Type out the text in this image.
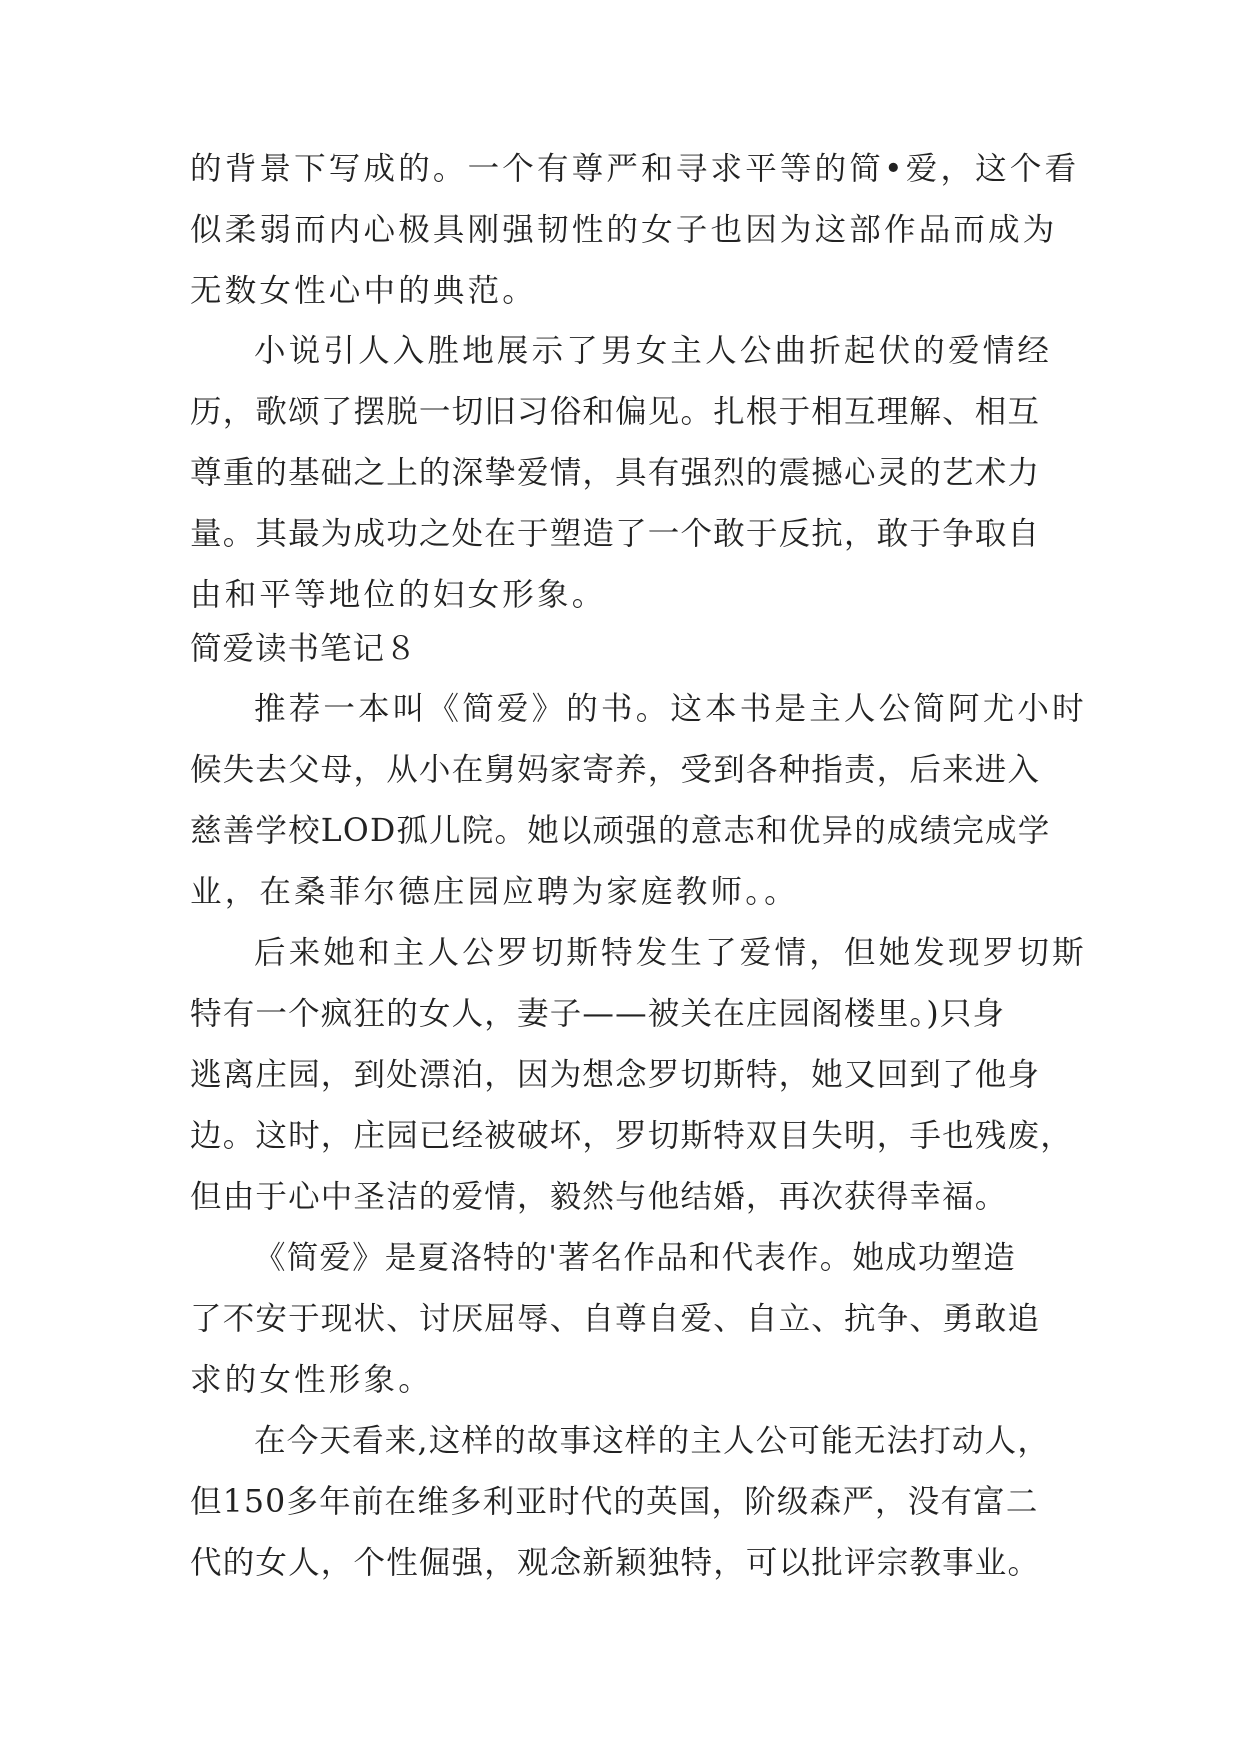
的背景下写成的。一个有尊严和寻求平等的简•爱，这个看

似柔弱而内心极具刚强韧性的女子也因为这部作品而成为

无数女性心中的典范。

小说引人入胜地展示了男女主人公曲折起伏的爱情经

历，歌颂了摆脱一切旧习俗和偏见。扎根于相互理解、相互

尊重的基础之上的深挚爱情，具有强烈的震撼心灵的艺术力

量。其最为成功之处在于塑造了一个敢于反抗，敢于争取自

由和平等地位的妇女形象。

简爱读书笔记８

推荐一本叫《简爱》的书。这本书是主人公简阿尤小时

候失去父母，从小在舅妈家寄养，受到各种指责，后来进入

慈善学校LOD孤儿院。她以顽强的意志和优异的成绩完成学

业，在桑菲尔德庄园应聘为家庭教师。。

后来她和主人公罗切斯特发生了爱情，但她发现罗切斯

特有一个疯狂的女人，妻子——被关在庄园阁楼里。)只身

逃离庄园，到处漂泊，因为想念罗切斯特，她又回到了他身

边。这时，庄园已经被破坏，罗切斯特双目失明，手也残废，

但由于心中圣洁的爱情，毅然与他结婚，再次获得幸福。

《简爱》是夏洛特的'著名作品和代表作。她成功塑造

了不安于现状、讨厌屈辱、自尊自爱、自立、抗争、勇敢追

求的女性形象。

在今天看来,这样的故事这样的主人公可能无法打动人，

但150多年前在维多利亚时代的英国，阶级森严，没有富二

代的女人，个性倔强，观念新颖独特，可以批评宗教事业。
